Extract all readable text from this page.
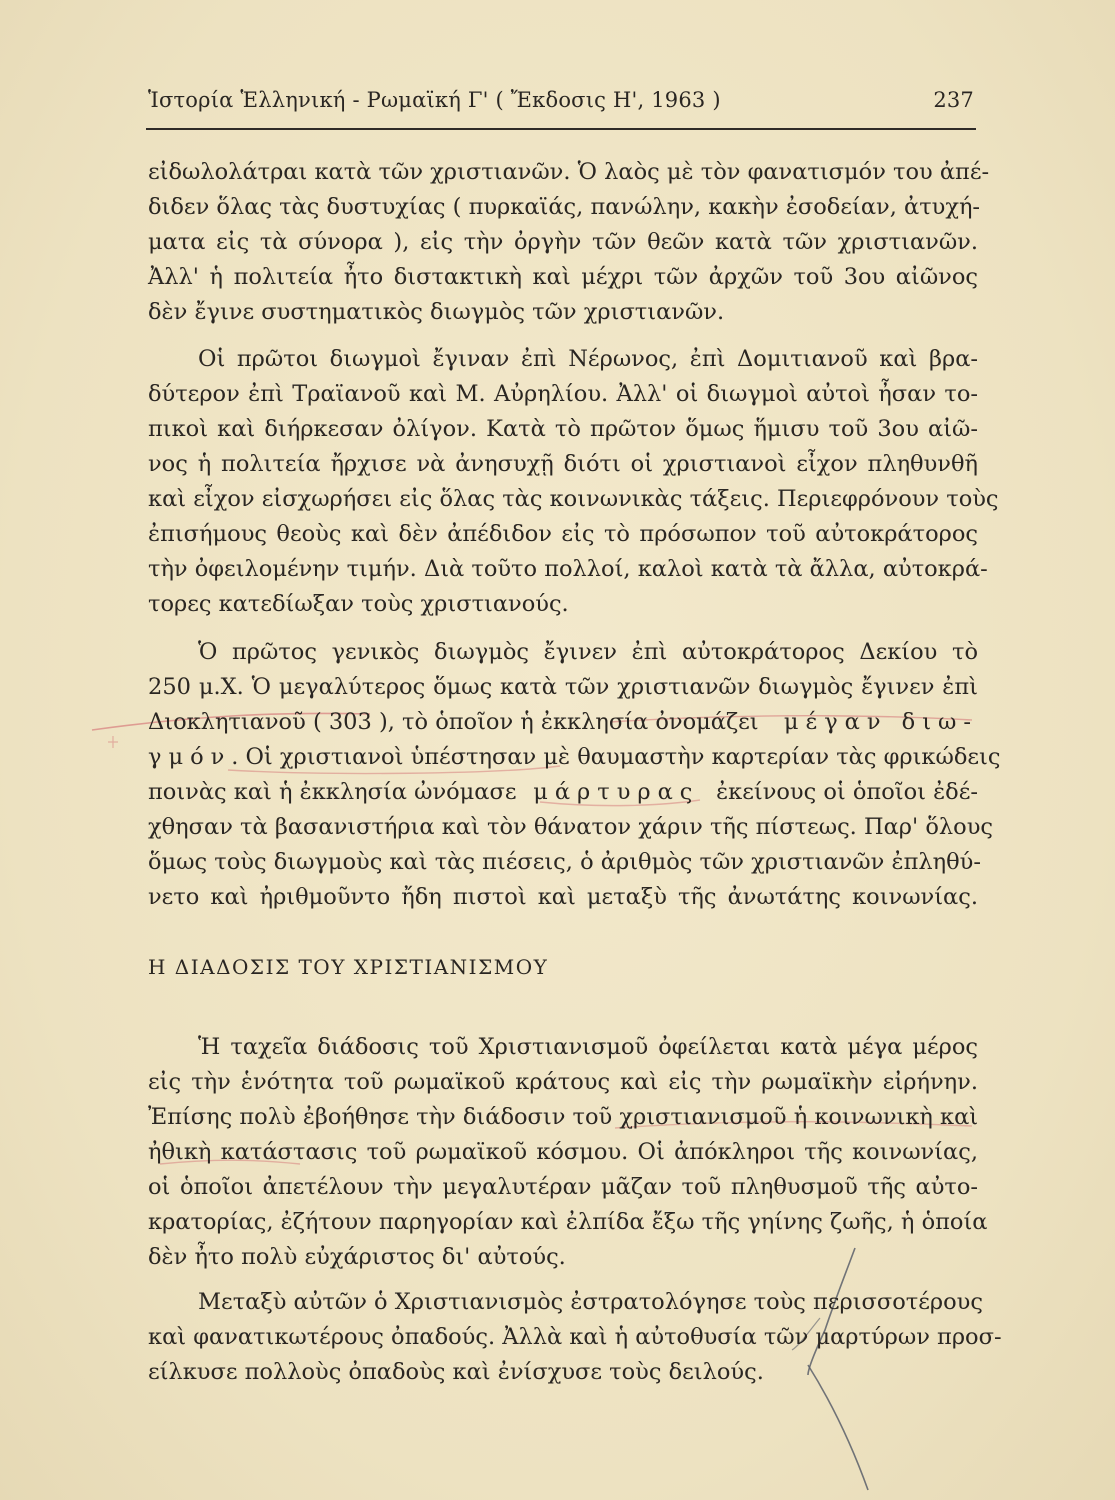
Ἱστορία Ἑλληνική - Ρωμαϊκή Γ' ( Ἔκδοσις Η', 1963 )	237
εἰδωλολάτραι κατὰ τῶν χριστιανῶν. Ὁ λαὸς μὲ τὸν φανατισμόν του ἀπέ-
διδεν ὅλας τὰς δυστυχίας ( πυρκαϊάς, πανώλην, κακὴν ἐσοδείαν, ἀτυχή-
ματα εἰς τὰ σύνορα ), εἰς τὴν ὀργὴν τῶν θεῶν κατὰ τῶν χριστιανῶν.
Ἀλλ' ἡ πολιτεία ἦτο διστακτικὴ καὶ μέχρι τῶν ἀρχῶν τοῦ 3ου αἰῶνος
δὲν ἔγινε συστηματικὸς διωγμὸς τῶν χριστιανῶν.
Οἱ πρῶτοι διωγμοὶ ἔγιναν ἐπὶ Νέρωνος, ἐπὶ Δομιτιανοῦ καὶ βρα-
δύτερον ἐπὶ Τραϊανοῦ καὶ Μ. Αὐρηλίου. Ἀλλ' οἱ διωγμοὶ αὐτοὶ ἦσαν το-
πικοὶ καὶ διήρκεσαν ὀλίγον. Κατὰ τὸ πρῶτον ὅμως ἥμισυ τοῦ 3ου αἰῶ-
νος ἡ πολιτεία ἤρχισε νὰ ἀνησυχῇ διότι οἱ χριστιανοὶ εἶχον πληθυνθῆ
καὶ εἶχον εἰσχωρήσει εἰς ὅλας τὰς κοινωνικὰς τάξεις. Περιεφρόνουν τοὺς
ἐπισήμους θεοὺς καὶ δὲν ἀπέδιδον εἰς τὸ πρόσωπον τοῦ αὐτοκράτορος
τὴν ὀφειλομένην τιμήν. Διὰ τοῦτο πολλοί, καλοὶ κατὰ τὰ ἄλλα, αὐτοκρά-
τορες κατεδίωξαν τοὺς χριστιανούς.
Ὁ πρῶτος γενικὸς διωγμὸς ἔγινεν ἐπὶ αὐτοκράτορος Δεκίου τὸ
250 μ.Χ. Ὁ μεγαλύτερος ὅμως κατὰ τῶν χριστιανῶν διωγμὸς ἔγινεν ἐπὶ
Διοκλητιανοῦ ( 303 ), τὸ ὁποῖον ἡ ἐκκλησία ὀνομάζει μέγαν διω-
γμόν. Οἱ χριστιανοὶ ὑπέστησαν μὲ θαυμαστὴν καρτερίαν τὰς φρικώδεις
ποινὰς καὶ ἡ ἐκκλησία ὠνόμασε μάρτυρας ἐκείνους οἱ ὁποῖοι ἐδέ-
χθησαν τὰ βασανιστήρια καὶ τὸν θάνατον χάριν τῆς πίστεως. Παρ' ὅλους
ὅμως τοὺς διωγμοὺς καὶ τὰς πιέσεις, ὁ ἀριθμὸς τῶν χριστιανῶν ἐπληθύ-
νετο καὶ ἠριθμοῦντο ἤδη πιστοὶ καὶ μεταξὺ τῆς ἀνωτάτης κοινωνίας.
Η ΔΙΑΔΟΣΙΣ ΤΟΥ ΧΡΙΣΤΙΑΝΙΣΜΟΥ
Ἡ ταχεῖα διάδοσις τοῦ Χριστιανισμοῦ ὀφείλεται κατὰ μέγα μέρος
εἰς τὴν ἑνότητα τοῦ ρωμαϊκοῦ κράτους καὶ εἰς τὴν ρωμαϊκὴν εἰρήνην.
Ἐπίσης πολὺ ἐβοήθησε τὴν διάδοσιν τοῦ χριστιανισμοῦ ἡ κοινωνικὴ καὶ
ἠθικὴ κατάστασις τοῦ ρωμαϊκοῦ κόσμου. Οἱ ἀπόκληροι τῆς κοινωνίας,
οἱ ὁποῖοι ἀπετέλουν τὴν μεγαλυτέραν μᾶζαν τοῦ πληθυσμοῦ τῆς αὐτο-
κρατορίας, ἐζήτουν παρηγορίαν καὶ ἐλπίδα ἔξω τῆς γηίνης ζωῆς, ἡ ὁποία
δὲν ἦτο πολὺ εὐχάριστος δι' αὐτούς.
Μεταξὺ αὐτῶν ὁ Χριστιανισμὸς ἐστρατολόγησε τοὺς περισσοτέρους
καὶ φανατικωτέρους ὀπαδούς. Ἀλλὰ καὶ ἡ αὐτοθυσία τῶν μαρτύρων προσ-
είλκυσε πολλοὺς ὀπαδοὺς καὶ ἐνίσχυσε τοὺς δειλούς.
